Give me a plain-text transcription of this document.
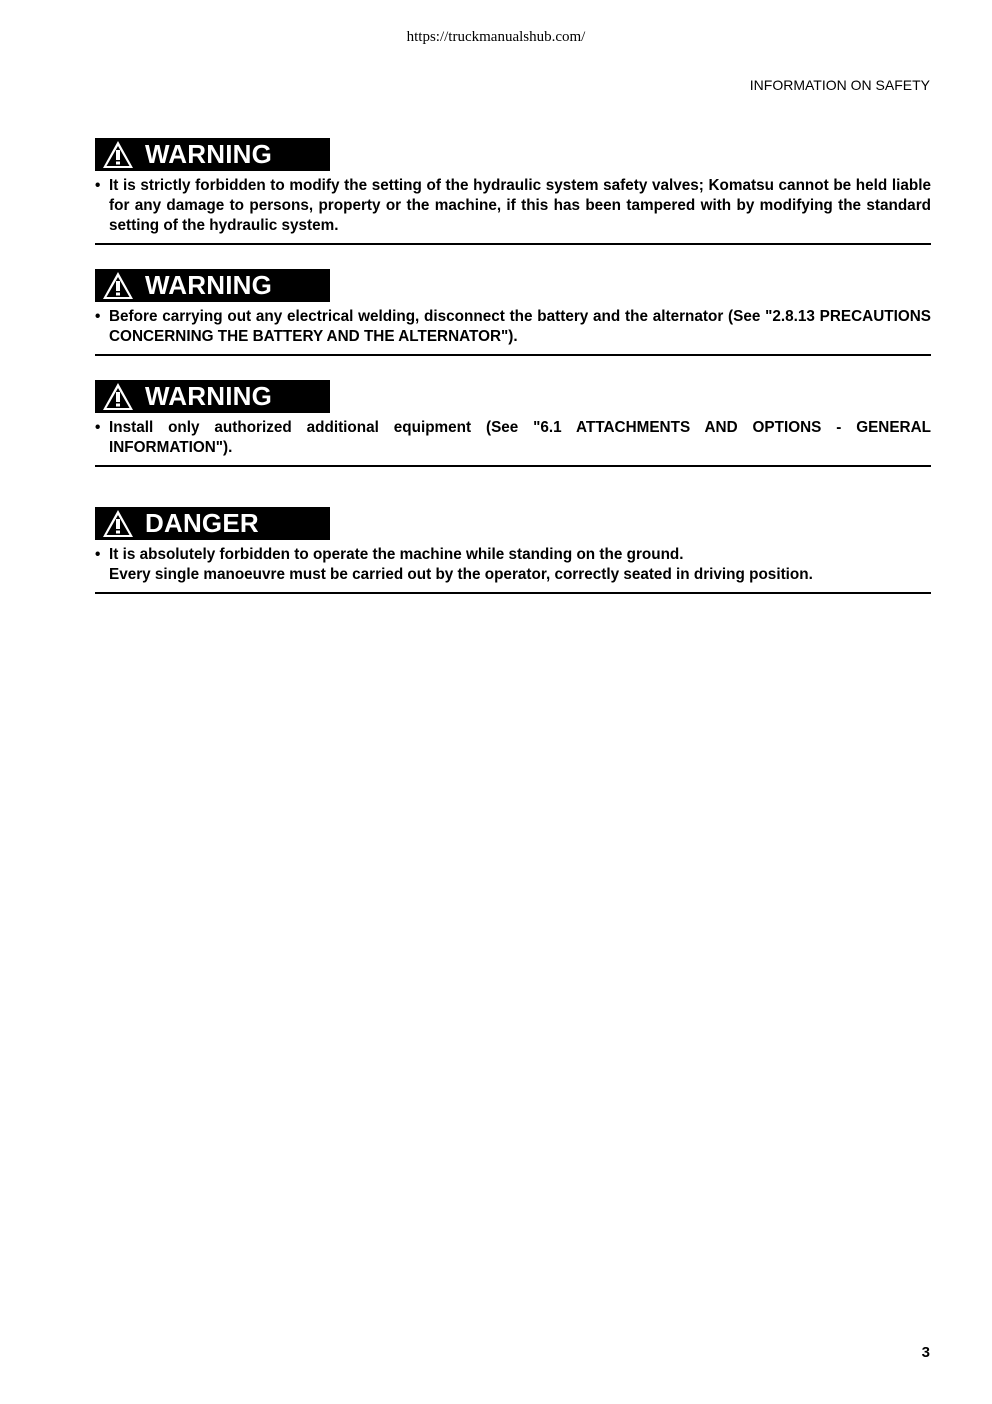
https://truckmanualshub.com/
INFORMATION ON SAFETY
WARNING
• It is strictly forbidden to modify the setting of the hydraulic system safety valves; Komatsu cannot be held liable for any damage to persons, property or the machine, if this has been tampered with by modifying the standard setting of the hydraulic system.
WARNING
• Before carrying out any electrical welding, disconnect the battery and the alternator (See "2.8.13 PRECAUTIONS CONCERNING THE BATTERY AND THE ALTERNATOR").
WARNING
• Install only authorized additional equipment (See "6.1 ATTACHMENTS AND OPTIONS - GENERAL INFORMATION").
DANGER
• It is absolutely forbidden to operate the machine while standing on the ground.
Every single manoeuvre must be carried out by the operator, correctly seated in driving position.
3
